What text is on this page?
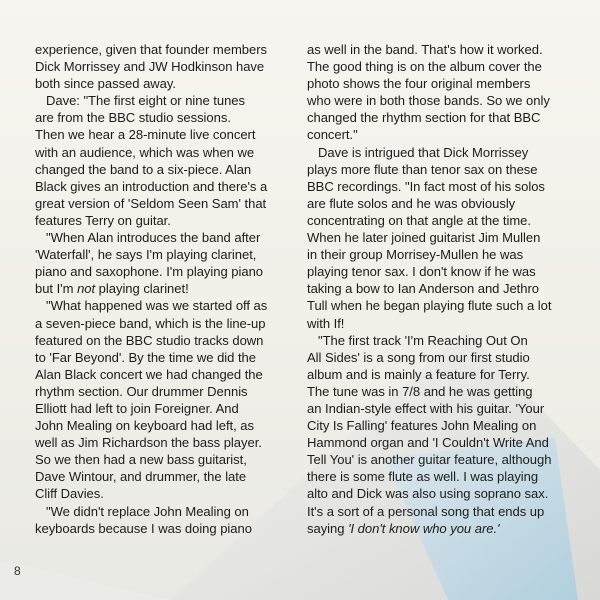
experience, given that founder members
Dick Morrissey and JW Hodkinson have
both since passed away.
Dave: "The first eight or nine tunes
are from the BBC studio sessions.
Then we hear a 28-minute live concert
with an audience, which was when we
changed the band to a six-piece. Alan
Black gives an introduction and there's a
great version of 'Seldom Seen Sam' that
features Terry on guitar.
"When Alan introduces the band after
'Waterfall', he says I'm playing clarinet,
piano and saxophone. I'm playing piano
but I'm not playing clarinet!
"What happened was we started off as
a seven-piece band, which is the line-up
featured on the BBC studio tracks down
to 'Far Beyond'. By the time we did the
Alan Black concert we had changed the
rhythm section. Our drummer Dennis
Elliott had left to join Foreigner. And
John Mealing on keyboard had left, as
well as Jim Richardson the bass player.
So we then had a new bass guitarist,
Dave Wintour, and drummer, the late
Cliff Davies.
"We didn't replace John Mealing on
keyboards because I was doing piano
as well in the band. That's how it worked.
The good thing is on the album cover the
photo shows the four original members
who were in both those bands. So we only
changed the rhythm section for that BBC
concert."
Dave is intrigued that Dick Morrissey
plays more flute than tenor sax on these
BBC recordings. "In fact most of his solos
are flute solos and he was obviously
concentrating on that angle at the time.
When he later joined guitarist Jim Mullen
in their group Morrisey-Mullen he was
playing tenor sax. I don't know if he was
taking a bow to Ian Anderson and Jethro
Tull when he began playing flute such a lot
with If!
"The first track 'I'm Reaching Out On
All Sides' is a song from our first studio
album and is mainly a feature for Terry.
The tune was in 7/8 and he was getting
an Indian-style effect with his guitar. 'Your
City Is Falling' features John Mealing on
Hammond organ and 'I Couldn't Write And
Tell You' is another guitar feature, although
there is some flute as well. I was playing
alto and Dick was also using soprano sax.
It's a sort of a personal song that ends up
saying 'I don't know who you are.'
8
